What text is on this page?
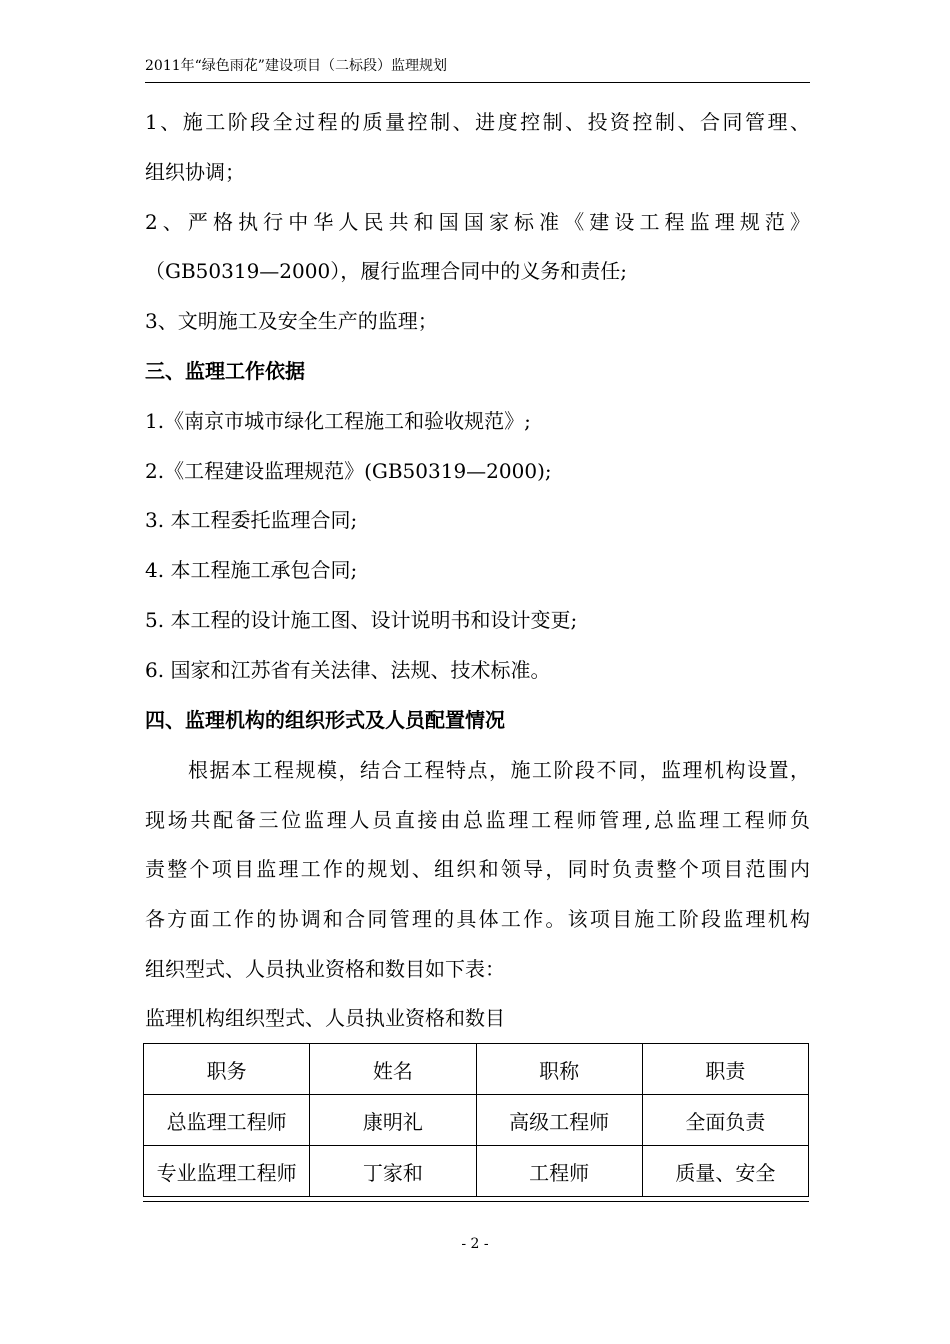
2011年“绿色雨花”建设项目（二标段）监理规划
1、施工阶段全过程的质量控制、进度控制、投资控制、合同管理、
组织协调；
2、严格执行中华人民共和国国家标准《建设工程监理规范》
（GB50319—2000），履行监理合同中的义务和责任;
3、文明施工及安全生产的监理；
三、监理工作依据
1.《南京市城市绿化工程施工和验收规范》;
2.《工程建设监理规范》(GB50319—2000);
3. 本工程委托监理合同;
4. 本工程施工承包合同;
5. 本工程的设计施工图、设计说明书和设计变更;
6. 国家和江苏省有关法律、法规、技术标准。
四、监理机构的组织形式及人员配置情况
　　根据本工程规模，结合工程特点，施工阶段不同，监理机构设置，
现场共配备三位监理人员直接由总监理工程师管理,总监理工程师负
责整个项目监理工作的规划、组织和领导，同时负责整个项目范围内
各方面工作的协调和合同管理的具体工作。该项目施工阶段监理机构
组织型式、人员执业资格和数目如下表：
监理机构组织型式、人员执业资格和数目
职务	姓名	职称	职责
总监理工程师	康明礼	高级工程师	全面负责
专业监理工程师	丁家和	工程师	质量、安全
- 2 -
